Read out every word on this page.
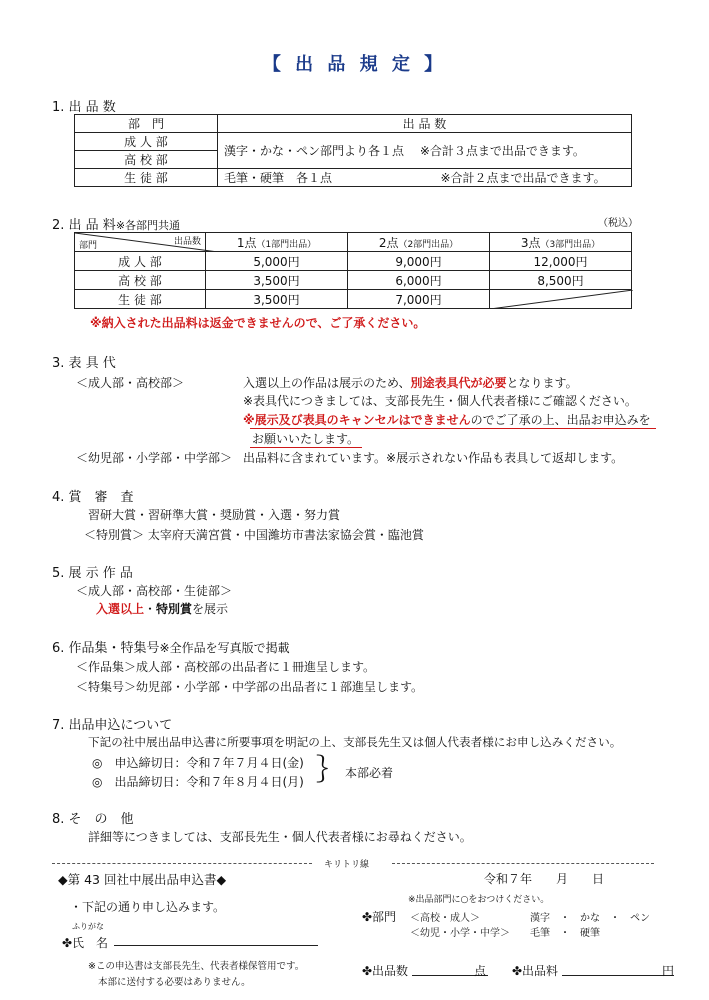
【 出 品 規 定 】
1. 出 品 数
部　門	出 品 数
成 人 部	漢字・かな・ペン部門より各１点　 ※合計３点まで出品できます。
高 校 部	
生 徒 部	毛筆・硬筆　各１点 ※合計２点まで出品できます。
2. 出 品 料※各部門共通	（税込）
部門 出品数	1点（1部門出品）	2点（2部門出品）	3点（3部門出品）
成 人 部	5,000円	9,000円	12,000円
高 校 部	3,500円	6,000円	8,500円
生 徒 部	3,500円	7,000円	
※納入された出品料は返金できませんので、ご了承ください。
3. 表 具 代
＜成人部・高校部＞	入選以上の作品は展示のため、別途表具代が必要となります。
※表具代につきましては、支部長先生・個人代表者様にご確認ください。
※展示及び表具のキャンセルはできませんのでご了承の上、出品お申込みを
お願いいたします。
＜幼児部・小学部・中学部＞ 出品料に含まれています。※展示されない作品も表具して返却します。
4. 賞　審　査
習研大賞・習研準大賞・奨励賞・入選・努力賞
＜特別賞＞ 太宰府天満宮賞・中国濰坊市書法家協会賞・臨池賞
5. 展 示 作 品
＜成人部・高校部・生徒部＞
入選以上・特別賞を展示
6. 作品集・特集号※全作品を写真版で掲載
＜作品集＞成人部・高校部の出品者に１冊進呈します。
＜特集号＞幼児部・小学部・中学部の出品者に１部進呈します。
7. 出品申込について
下記の社中展出品申込書に所要事項を明記の上、支部長先生又は個人代表者様にお申し込みください。
◎　申込締切日：令和７年７月４日(金)
◎　出品締切日：令和７年８月４日(月) ｝ 本部必着
8. そ　の　他
詳細等につきましては、支部長先生・個人代表者様にお尋ねください。
キリトリ線
◆第 43 回社中展出品申込書◆	令和７年　　月　　日
・下記の通り申し込みます。
ふりがな
✤氏　名
※出品部門に○をおつけください。
✤部門 ＜高校・成人＞	漢字　・　かな　・　ペン
＜幼児・小学・中学＞ 毛筆　・　硬筆
※この申込書は支部長先生、代表者様保管用です。
本部に送付する必要はありません。
✤出品数	点 ✤出品料	円
